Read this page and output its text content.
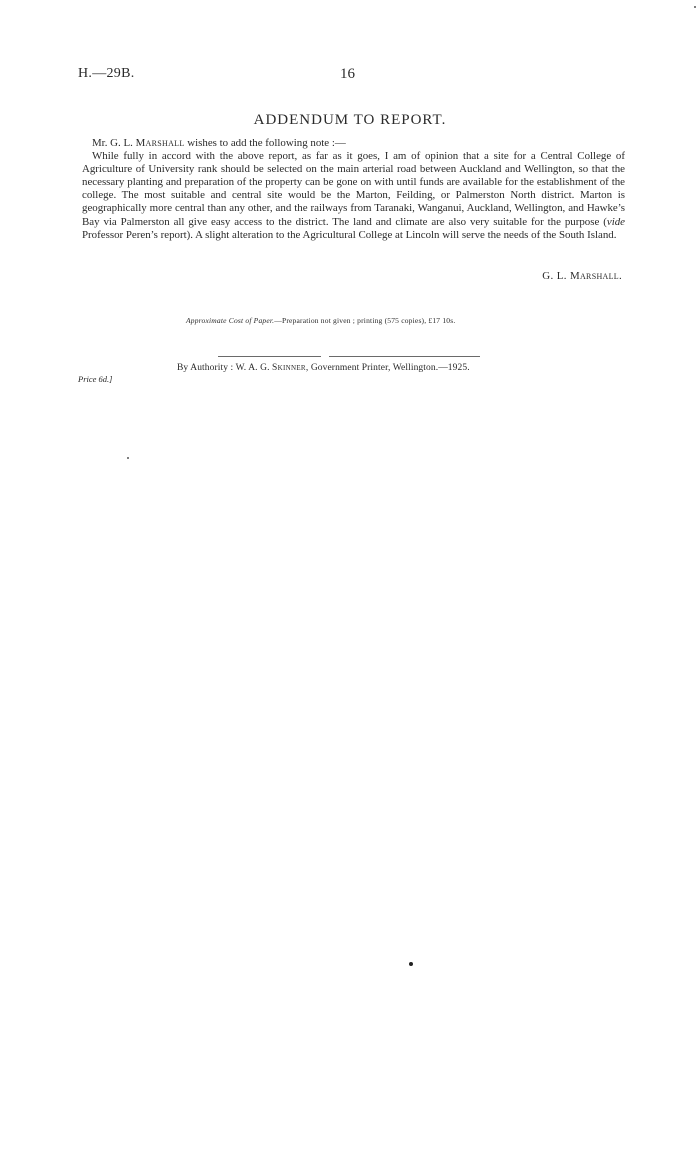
H.—29B.	16
ADDENDUM TO REPORT.

Mr. G. L. Marshall wishes to add the following note :—

While fully in accord with the above report, as far as it goes, I am of opinion that a site for a Central College of Agriculture of University rank should be selected on the main arterial road between Auckland and Wellington, so that the necessary planting and preparation of the property can be gone on with until funds are available for the establishment of the college. The most suitable and central site would be the Marton, Feilding, or Palmerston North district. Marton is geographically more central than any other, and the railways from Taranaki, Wanganui, Auckland, Wellington, and Hawke’s Bay via Palmerston all give easy access to the district. The land and climate are also very suitable for the purpose (vide Professor Peren’s report). A slight alteration to the Agricultural College at Lincoln will serve the needs of the South Island.

G. L. Marshall.
Approximate Cost of Paper.—Preparation not given ; printing (575 copies), £17 10s.
By Authority : W. A. G. Skinner, Government Printer, Wellington.—1925.
Price 6d.]
